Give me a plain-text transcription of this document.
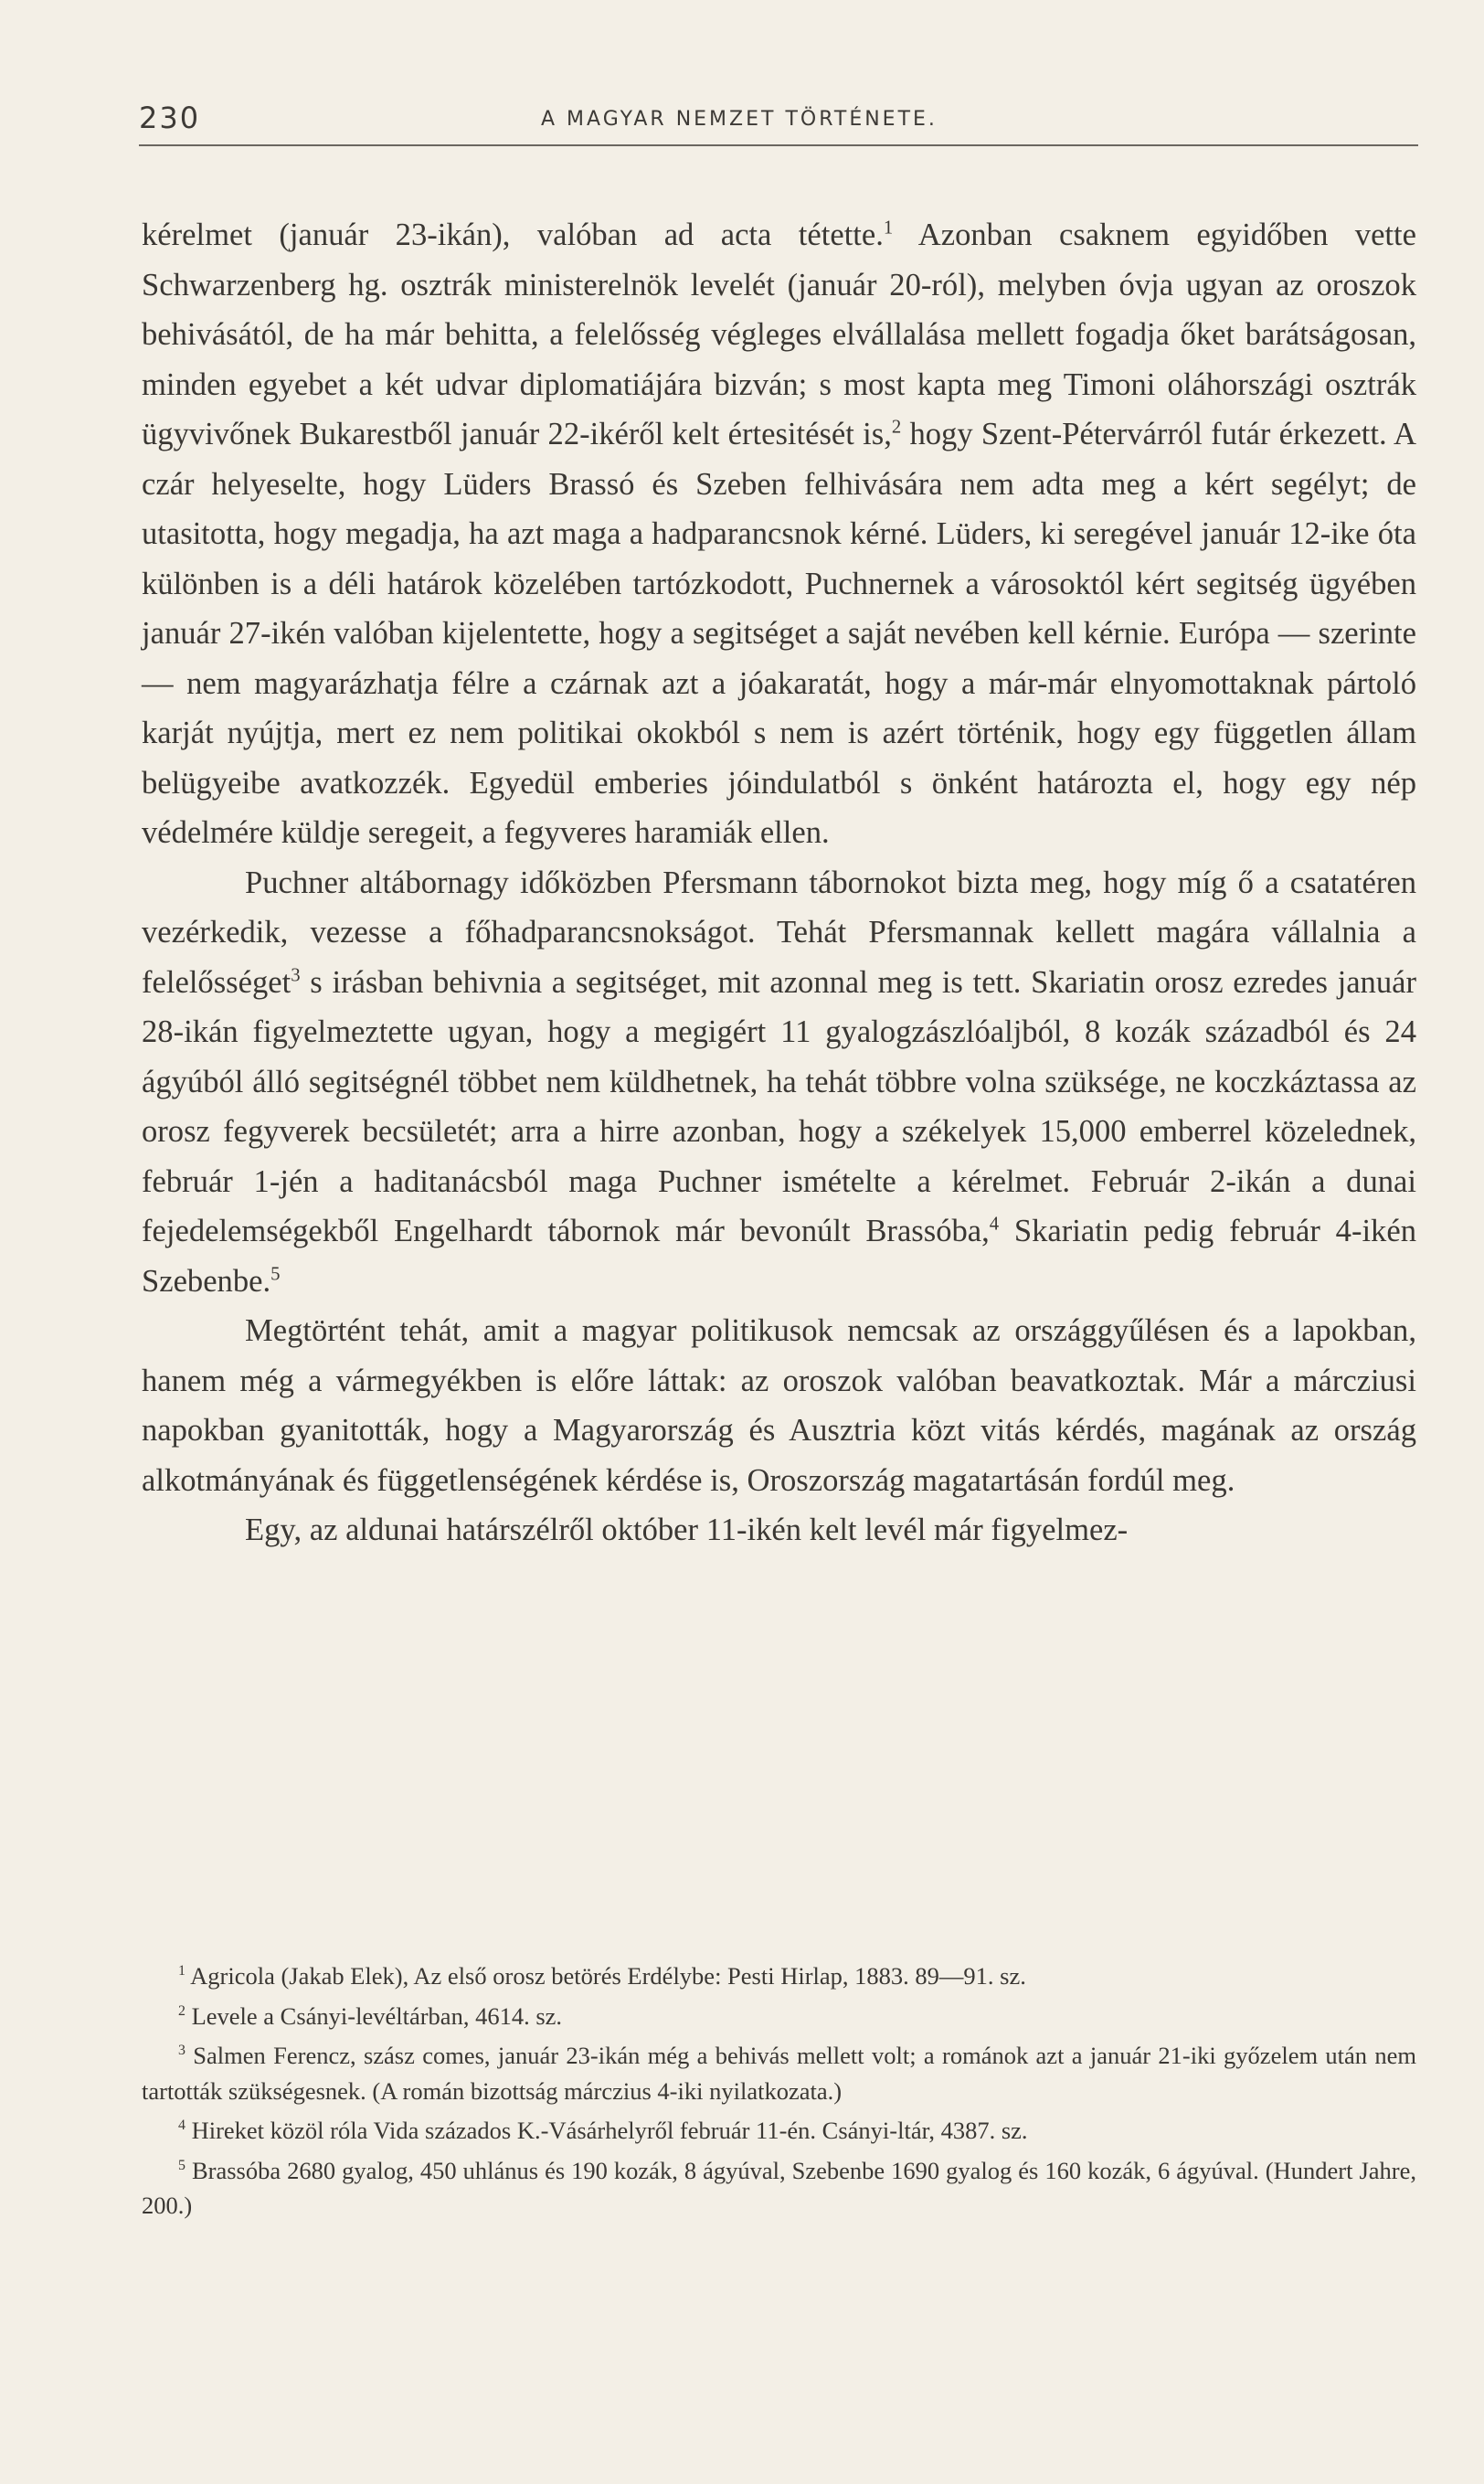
230	A MAGYAR NEMZET TÖRTÉNETE.

kérelmet (január 23-ikán), valóban ad acta tétette.$^1$ Azonban csaknem egyidőben vette Schwarzenberg hg. osztrák ministerelnök levelét (január 20-ról), melyben óvja ugyan az oroszok behivásától, de ha már behitta, a felelősség végleges elvállalása mellett fogadja őket barátságosan, minden egyebet a két udvar diplomatiájára bizván; s most kapta meg Timoni oláhországi osztrák ügyvivőnek Bukarestből január 22-ikéről kelt értesitését is,$^2$ hogy Szent-Pétervárról futár érkezett. A czár helyeselte, hogy Lüders Brassó és Szeben felhivására nem adta meg a kért segélyt; de utasitotta, hogy megadja, ha azt maga a hadparancsnok kérné. Lüders, ki seregével január 12-ike óta különben is a déli határok közelében tartózkodott, Puchnernek a városoktól kért segitség ügyében január 27-ikén valóban kijelentette, hogy a segitséget a saját nevében kell kérnie. Európa — szerinte — nem magyarázhatja félre a czárnak azt a jóakaratát, hogy a már-már elnyomottaknak pártoló karját nyújtja, mert ez nem politikai okokból s nem is azért történik, hogy egy független állam belügyeibe avatkozzék. Egyedül emberies jóindulatból s önként határozta el, hogy egy nép védelmére küldje seregeit, a fegyveres haramiák ellen.

Puchner altábornagy időközben Pfersmann tábornokot bizta meg, hogy míg ő a csatatéren vezérkedik, vezesse a főhadparancsnokságot. Tehát Pfersmannak kellett magára vállalnia a felelősséget$^3$ s irásban behivnia a segitséget, mit azonnal meg is tett. Skariatin orosz ezredes január 28-ikán figyelmeztette ugyan, hogy a megigért 11 gyalogzászlóaljból, 8 kozák századból és 24 ágyúból álló segitségnél többet nem küldhetnek, ha tehát többre volna szüksége, ne koczkáztassa az orosz fegyverek becsületét; arra a hirre azonban, hogy a székelyek 15,000 emberrel közelednek, február 1-jén a haditanácsból maga Puchner ismételte a kérelmet. Február 2-ikán a dunai fejedelemségekből Engelhardt tábornok már bevonúlt Brassóba,$^4$ Skariatin pedig február 4-ikén Szebenbe.$^5$

Megtörtént tehát, amit a magyar politikusok nemcsak az országgyűlésen és a lapokban, hanem még a vármegyékben is előre láttak: az oroszok valóban beavatkoztak. Már a márcziusi napokban gyanitották, hogy a Magyarország és Ausztria közt vitás kérdés, magának az ország alkotmányának és függetlenségének kérdése is, Oroszország magatartásán fordúl meg.

Egy, az aldunai határszélről október 11-ikén kelt levél már figyelmez-

$^1$ Agricola (Jakab Elek), Az első orosz betörés Erdélybe: Pesti Hirlap, 1883. 89—91. sz.

$^2$ Levele a Csányi-levéltárban, 4614. sz.

$^3$ Salmen Ferencz, szász comes, január 23-ikán még a behivás mellett volt; a románok azt a január 21-iki győzelem után nem tartották szükségesnek. (A román bizottság márczius 4-iki nyilatkozata.)

$^4$ Hireket közöl róla Vida százados K.-Vásárhelyről február 11-én. Csányi-ltár, 4387. sz.

$^5$ Brassóba 2680 gyalog, 450 uhlánus és 190 kozák, 8 ágyúval, Szebenbe 1690 gyalog és 160 kozák, 6 ágyúval. (Hundert Jahre, 200.)
